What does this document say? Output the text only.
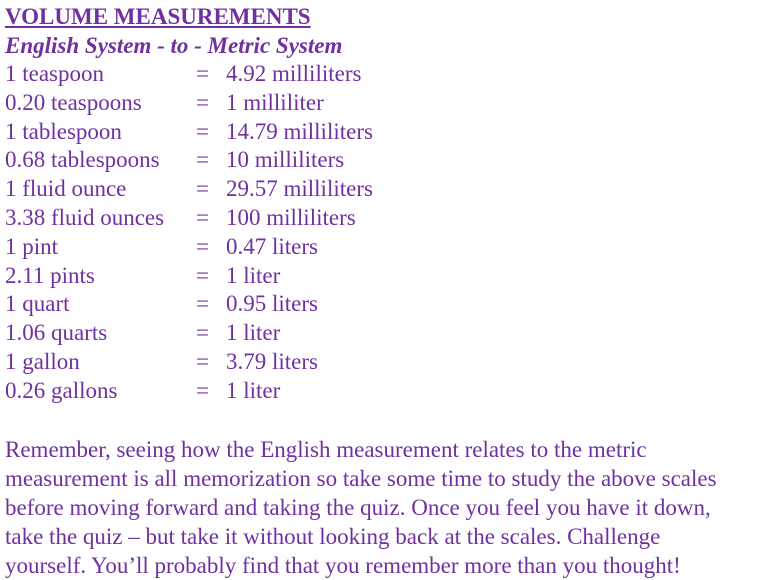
VOLUME MEASUREMENTS
English System - to - Metric System
1 teaspoon	= 4.92 milliliters
0.20 teaspoons = 1 milliliter
1 tablespoon	= 14.79 milliliters
0.68 tablespoons = 10 milliliters
1 fluid ounce	= 29.57 milliliters
3.38 fluid ounces = 100 milliliters
1 pint	= 0.47 liters
2.11 pints	= 1 liter
1 quart	= 0.95 liters
1.06 quarts	= 1 liter
1 gallon	= 3.79 liters
0.26 gallons	= 1 liter
Remember, seeing how the English measurement relates to the metric
measurement is all memorization so take some time to study the above scales
before moving forward and taking the quiz. Once you feel you have it down,
take the quiz – but take it without looking back at the scales. Challenge
yourself. You’ll probably find that you remember more than you thought!
